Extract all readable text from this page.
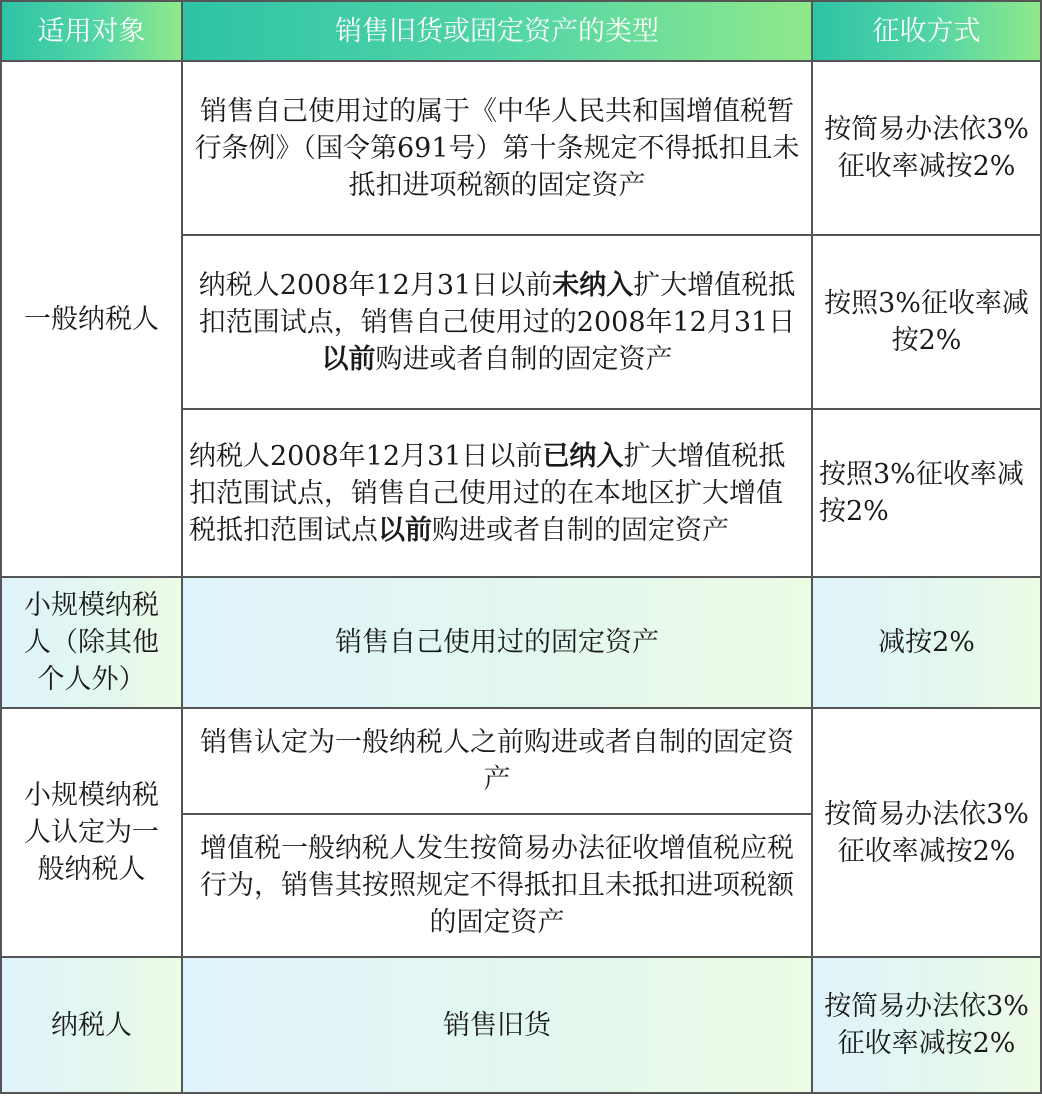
适用对象	销售旧货或固定资产的类型	征收方式
一般纳税人	销售自己使用过的属于《中华人民共和国增值税暂行条例》（国令第691号）第十条规定不得抵扣且未抵扣进项税额的固定资产	按简易办法依3%征收率减按2%
	纳税人2008年12月31日以前未纳入扩大增值税抵扣范围试点，销售自己使用过的2008年12月31日以前购进或者自制的固定资产	按照3%征收率减按2%
	纳税人2008年12月31日以前已纳入扩大增值税抵扣范围试点，销售自己使用过的在本地区扩大增值税抵扣范围试点以前购进或者自制的固定资产	按照3%征收率减按2%
小规模纳税人（除其他个人外）	销售自己使用过的固定资产	减按2%
小规模纳税人认定为一般纳税人	销售认定为一般纳税人之前购进或者自制的固定资产	按简易办法依3%征收率减按2%
	增值税一般纳税人发生按简易办法征收增值税应税行为，销售其按照规定不得抵扣且未抵扣进项税额的固定资产	
纳税人	销售旧货	按简易办法依3%征收率减按2%
